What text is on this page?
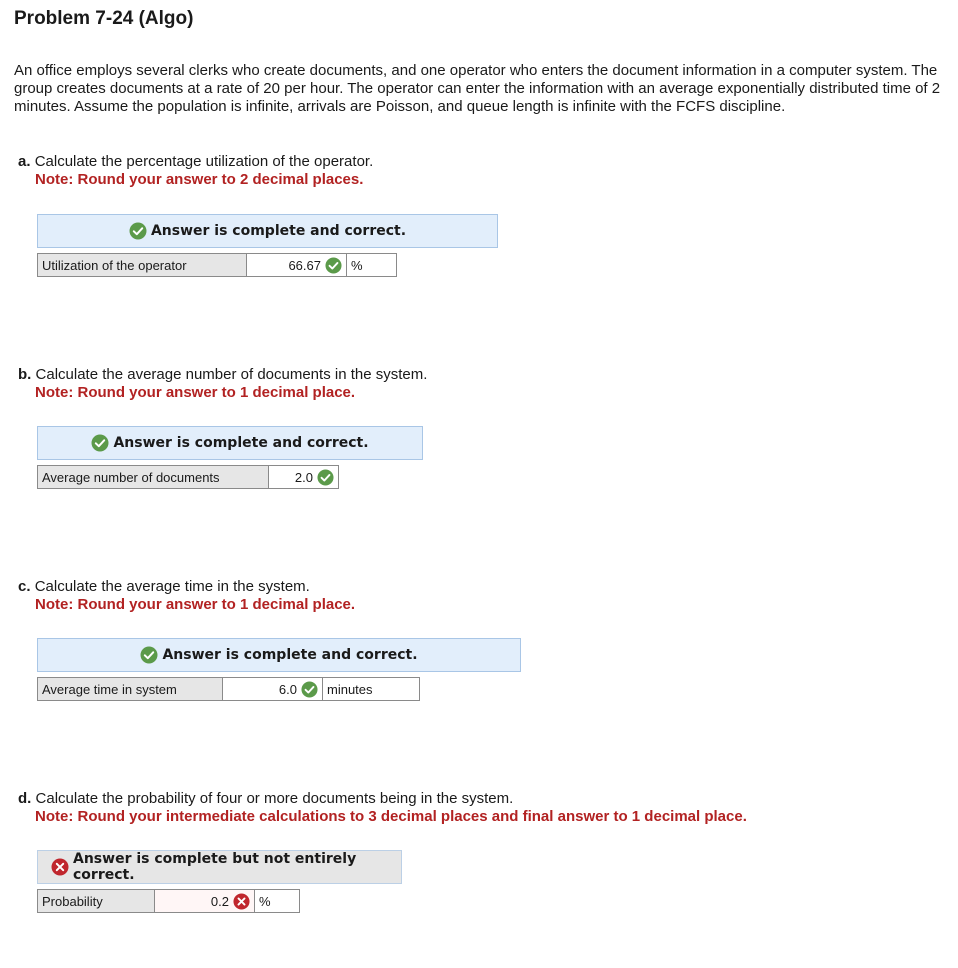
Problem 7-24 (Algo)

An office employs several clerks who create documents, and one operator who enters the document information in a computer system. The group creates documents at a rate of 20 per hour. The operator can enter the information with an average exponentially distributed time of 2 minutes. Assume the population is infinite, arrivals are Poisson, and queue length is infinite with the FCFS discipline.

a. Calculate the percentage utilization of the operator.
Note: Round your answer to 2 decimal places.
Answer is complete and correct.
Utilization of the operator	66.67	%
b. Calculate the average number of documents in the system.
Note: Round your answer to 1 decimal place.
Answer is complete and correct.
Average number of documents	2.0
c. Calculate the average time in the system.
Note: Round your answer to 1 decimal place.
Answer is complete and correct.
Average time in system	6.0	minutes
d. Calculate the probability of four or more documents being in the system.
Note: Round your intermediate calculations to 3 decimal places and final answer to 1 decimal place.
Answer is complete but not entirely correct.
Probability	0.2	%
